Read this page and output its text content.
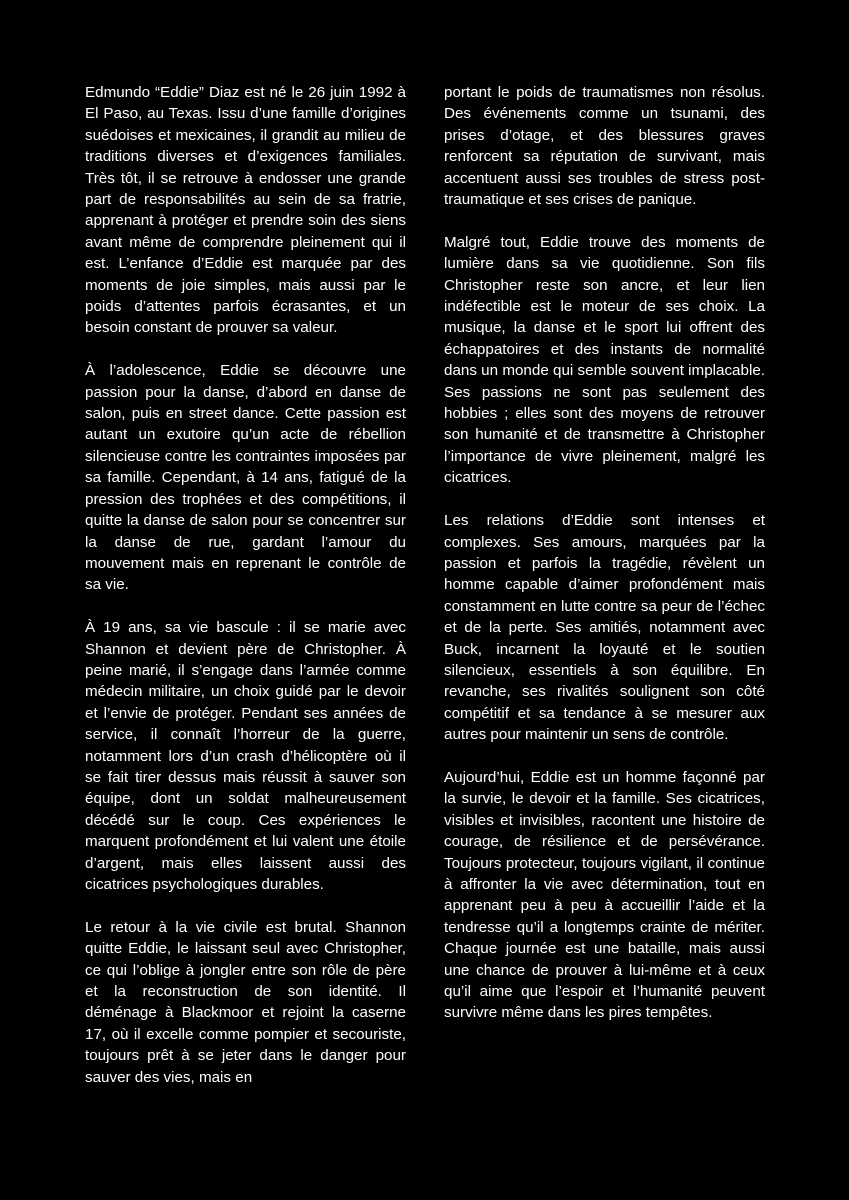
Edmundo “Eddie” Diaz est né le 26 juin 1992 à El Paso, au Texas. Issu d’une famille d’origines suédoises et mexicaines, il grandit au milieu de traditions diverses et d’exigences familiales. Très tôt, il se retrouve à endosser une grande part de responsabilités au sein de sa fratrie, apprenant à protéger et prendre soin des siens avant même de comprendre pleinement qui il est. L’enfance d’Eddie est marquée par des moments de joie simples, mais aussi par le poids d’attentes parfois écrasantes, et un besoin constant de prouver sa valeur.

À l’adolescence, Eddie se découvre une passion pour la danse, d’abord en danse de salon, puis en street dance. Cette passion est autant un exutoire qu’un acte de rébellion silencieuse contre les contraintes imposées par sa famille. Cependant, à 14 ans, fatigué de la pression des trophées et des compétitions, il quitte la danse de salon pour se concentrer sur la danse de rue, gardant l’amour du mouvement mais en reprenant le contrôle de sa vie.

À 19 ans, sa vie bascule : il se marie avec Shannon et devient père de Christopher. À peine marié, il s’engage dans l’armée comme médecin militaire, un choix guidé par le devoir et l’envie de protéger. Pendant ses années de service, il connaît l’horreur de la guerre, notamment lors d’un crash d’hélicoptère où il se fait tirer dessus mais réussit à sauver son équipe, dont un soldat malheureusement décédé sur le coup. Ces expériences le marquent profondément et lui valent une étoile d’argent, mais elles laissent aussi des cicatrices psychologiques durables.

Le retour à la vie civile est brutal. Shannon quitte Eddie, le laissant seul avec Christopher, ce qui l’oblige à jongler entre son rôle de père et la reconstruction de son identité. Il déménage à Blackmoor et rejoint la caserne 17, où il excelle comme pompier et secouriste, toujours prêt à se jeter dans le danger pour sauver des vies, mais en

portant le poids de traumatismes non résolus. Des événements comme un tsunami, des prises d’otage, et des blessures graves renforcent sa réputation de survivant, mais accentuent aussi ses troubles de stress post-traumatique et ses crises de panique.

Malgré tout, Eddie trouve des moments de lumière dans sa vie quotidienne. Son fils Christopher reste son ancre, et leur lien indéfectible est le moteur de ses choix. La musique, la danse et le sport lui offrent des échappatoires et des instants de normalité dans un monde qui semble souvent implacable. Ses passions ne sont pas seulement des hobbies ; elles sont des moyens de retrouver son humanité et de transmettre à Christopher l’importance de vivre pleinement, malgré les cicatrices.

Les relations d’Eddie sont intenses et complexes. Ses amours, marquées par la passion et parfois la tragédie, révèlent un homme capable d’aimer profondément mais constamment en lutte contre sa peur de l’échec et de la perte. Ses amitiés, notamment avec Buck, incarnent la loyauté et le soutien silencieux, essentiels à son équilibre. En revanche, ses rivalités soulignent son côté compétitif et sa tendance à se mesurer aux autres pour maintenir un sens de contrôle.

Aujourd’hui, Eddie est un homme façonné par la survie, le devoir et la famille. Ses cicatrices, visibles et invisibles, racontent une histoire de courage, de résilience et de persévérance. Toujours protecteur, toujours vigilant, il continue à affronter la vie avec détermination, tout en apprenant peu à peu à accueillir l’aide et la tendresse qu’il a longtemps crainte de mériter. Chaque journée est une bataille, mais aussi une chance de prouver à lui-même et à ceux qu’il aime que l’espoir et l’humanité peuvent survivre même dans les pires tempêtes.
